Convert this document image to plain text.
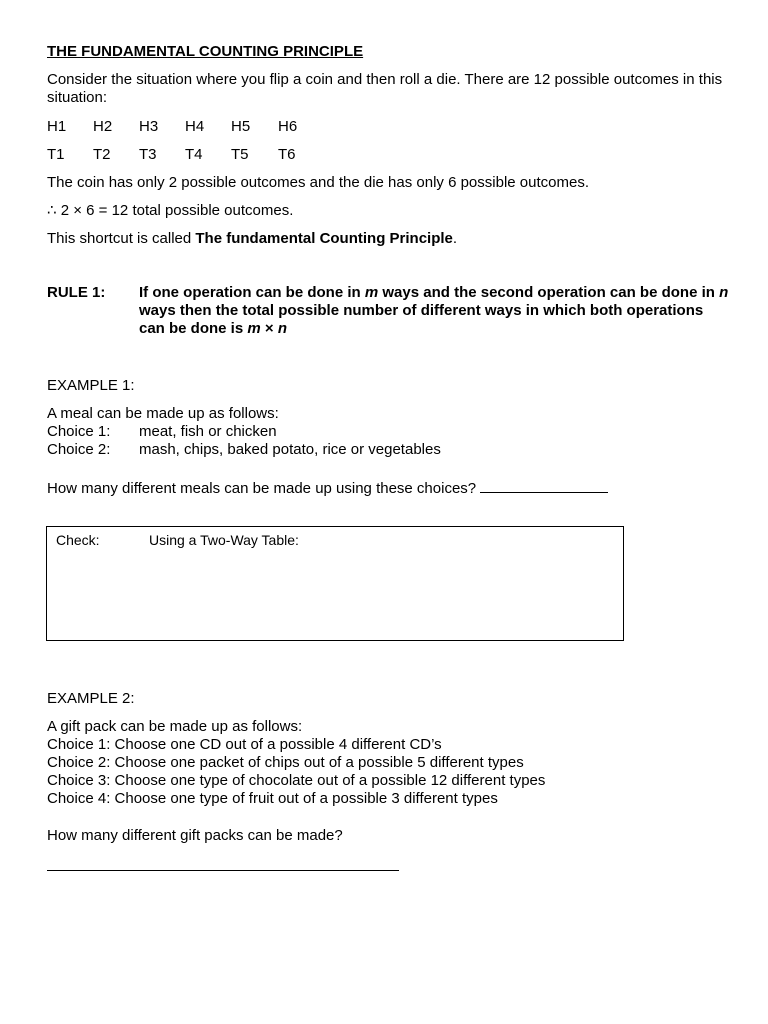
THE FUNDAMENTAL COUNTING PRINCIPLE
Consider the situation where you flip a coin and then roll a die. There are 12 possible outcomes in this situation:
H1 H2 H3 H4 H5 H6
T1 T2 T3 T4 T5 T6
The coin has only 2 possible outcomes and the die has only 6 possible outcomes.
∴ 2 × 6 = 12 total possible outcomes.
This shortcut is called The fundamental Counting Principle.
RULE 1: If one operation can be done in m ways and the second operation can be done in n ways then the total possible number of different ways in which both operations can be done is m × n
EXAMPLE 1:
A meal can be made up as follows:
Choice 1: meat, fish or chicken
Choice 2: mash, chips, baked potato, rice or vegetables
How many different meals can be made up using these choices?
Check:	Using a Two-Way Table:
EXAMPLE 2:
A gift pack can be made up as follows:
Choice 1: Choose one CD out of a possible 4 different CD’s
Choice 2: Choose one packet of chips out of a possible 5 different types
Choice 3: Choose one type of chocolate out of a possible 12 different types
Choice 4: Choose one type of fruit out of a possible 3 different types
How many different gift packs can be made?
